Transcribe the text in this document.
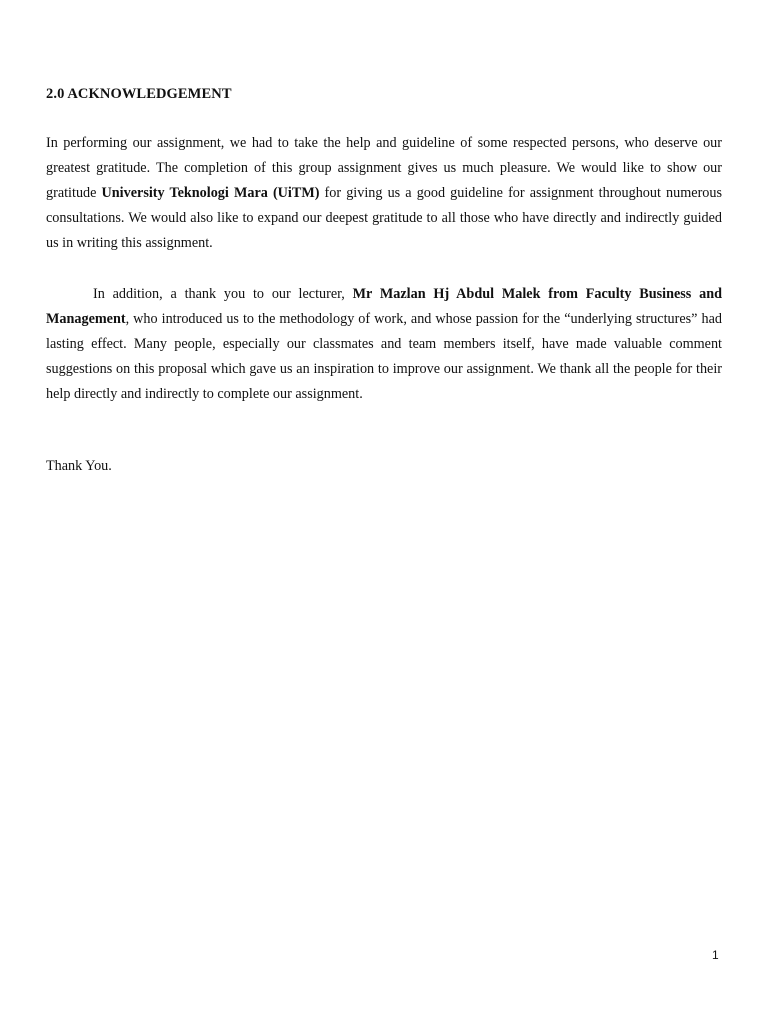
2.0 ACKNOWLEDGEMENT

In performing our assignment, we had to take the help and guideline of some respected persons, who deserve our greatest gratitude. The completion of this group assignment gives us much pleasure. We would like to show our gratitude University Teknologi Mara (UiTM) for giving us a good guideline for assignment throughout numerous consultations. We would also like to expand our deepest gratitude to all those who have directly and indirectly guided us in writing this assignment.

In addition, a thank you to our lecturer, Mr Mazlan Hj Abdul Malek from Faculty Business and Management, who introduced us to the methodology of work, and whose passion for the “underlying structures” had lasting effect. Many people, especially our classmates and team members itself, have made valuable comment suggestions on this proposal which gave us an inspiration to improve our assignment. We thank all the people for their help directly and indirectly to complete our assignment.

Thank You.

1
